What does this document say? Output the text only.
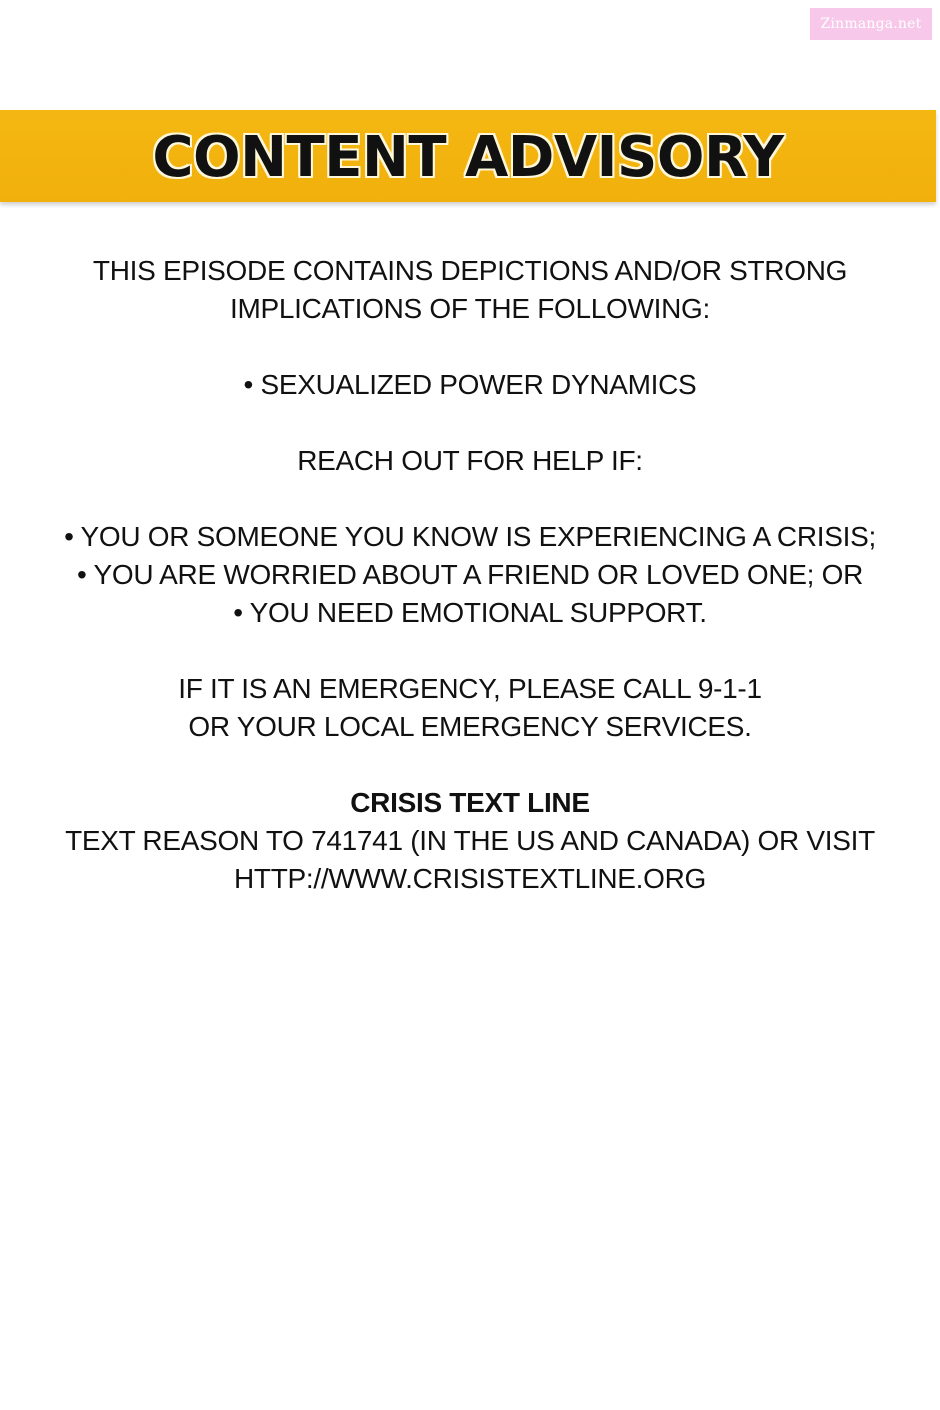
Zinmanga.net
CONTENT ADVISORY

THIS EPISODE CONTAINS DEPICTIONS AND/OR STRONG

IMPLICATIONS OF THE FOLLOWING:

• SEXUALIZED POWER DYNAMICS

REACH OUT FOR HELP IF:

• YOU OR SOMEONE YOU KNOW IS EXPERIENCING A CRISIS;

• YOU ARE WORRIED ABOUT A FRIEND OR LOVED ONE; OR

• YOU NEED EMOTIONAL SUPPORT.

IF IT IS AN EMERGENCY, PLEASE CALL 9-1-1

OR YOUR LOCAL EMERGENCY SERVICES.

CRISIS TEXT LINE

TEXT REASON TO 741741 (IN THE US AND CANADA) OR VISIT

HTTP://WWW.CRISISTEXTLINE.ORG
